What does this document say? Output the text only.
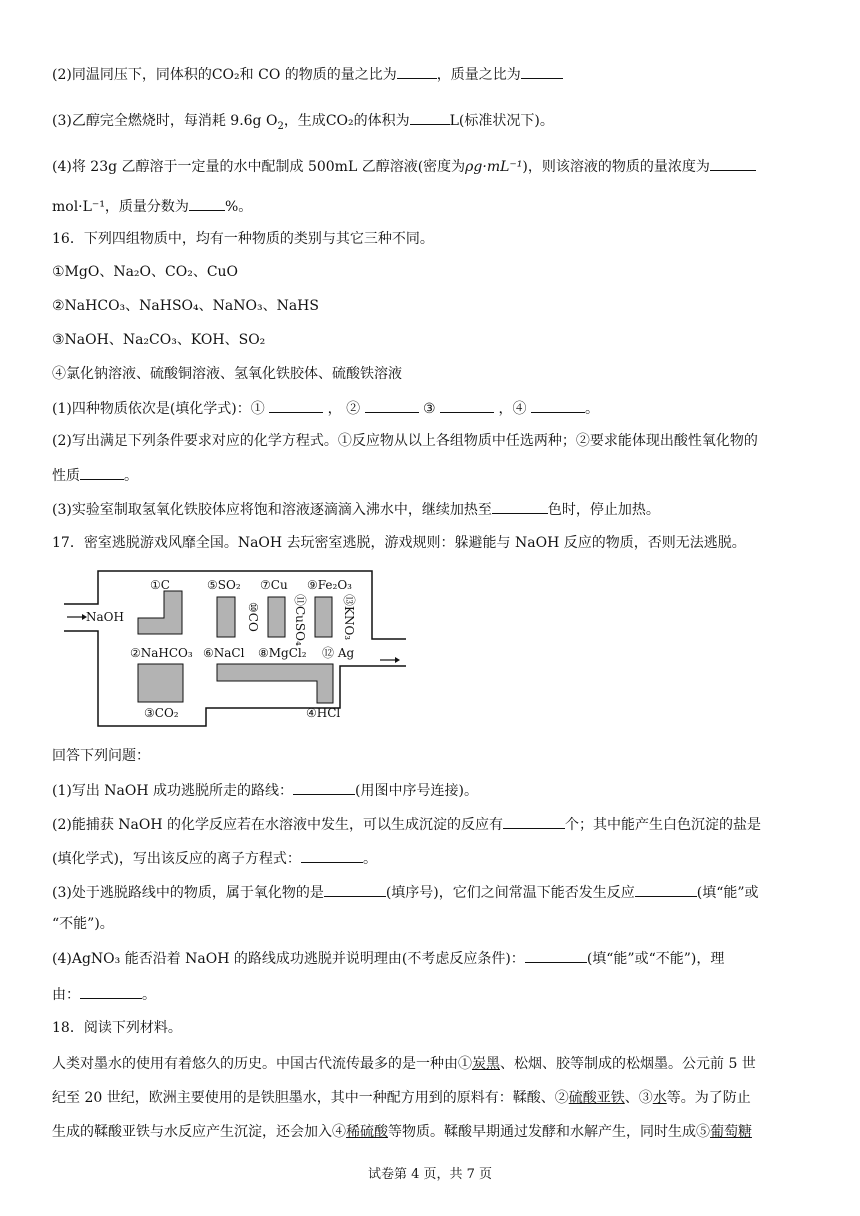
(2)同温同压下，同体积的CO₂和 CO 的物质的量之比为	，质量之比为
(3)乙醇完全燃烧时，每消耗 9.6g $O_2$，生成CO₂的体积为	L(标准状况下)。
(4)将 23g 乙醇溶于一定量的水中配制成 500mL 乙醇溶液(密度为ρg·mL⁻¹)，则该溶液的物质的量浓度为
mol·L⁻¹，质量分数为	%。
16．下列四组物质中，均有一种物质的类别与其它三种不同。
①MgO、Na₂O、CO₂、CuO
②NaHCO₃、NaHSO₄、NaNO₃、NaHS
③NaOH、Na₂CO₃、KOH、SO₂
④氯化钠溶液、硫酸铜溶液、氢氧化铁胶体、硫酸铁溶液
(1)四种物质依次是(填化学式)：①	， ②	③	，④	。
(2)写出满足下列条件要求对应的化学方程式。①反应物从以上各组物质中任选两种；②要求能体现出酸性氧化物的
性质	。
(3)实验室制取氢氧化铁胶体应将饱和溶液逐滴滴入沸水中，继续加热至	色时，停止加热。
17．密室逃脱游戏风靡全国。NaOH 去玩密室逃脱，游戏规则：躲避能与 NaOH 反应的物质，否则无法逃脱。
NaOH
①C	⑤SO₂ ⑦Cu ⑨Fe₂O₃
⑬KNO₃
⑩CO	⑪CuSO₄
②NaHCO₃ ⑥NaCl ⑧MgCl₂ ⑫ Ag
③CO₂	④HCl
回答下列问题：
(1)写出 NaOH 成功逃脱所走的路线：	(用图中序号连接)。
(2)能捕获 NaOH 的化学反应若在水溶液中发生，可以生成沉淀的反应有	个；其中能产生白色沉淀的盐是
(填化学式)，写出该反应的离子方程式：	。
(3)处于逃脱路线中的物质，属于氧化物的是	(填序号)，它们之间常温下能否发生反应	(填“能”或
“不能”)。
(4)AgNO₃ 能否沿着 NaOH 的路线成功逃脱并说明理由(不考虑反应条件)：	(填“能”或“不能”)，理
由：	。
18．阅读下列材料。
人类对墨水的使用有着悠久的历史。中国古代流传最多的是一种由①炭黑、松烟、胶等制成的松烟墨。公元前 5 世
纪至 20 世纪，欧洲主要使用的是铁胆墨水，其中一种配方用到的原料有：鞣酸、②硫酸亚铁、③水等。为了防止
生成的鞣酸亚铁与水反应产生沉淀，还会加入④稀硫酸等物质。鞣酸早期通过发酵和水解产生，同时生成⑤葡萄糖
试卷第 4 页，共 7 页
